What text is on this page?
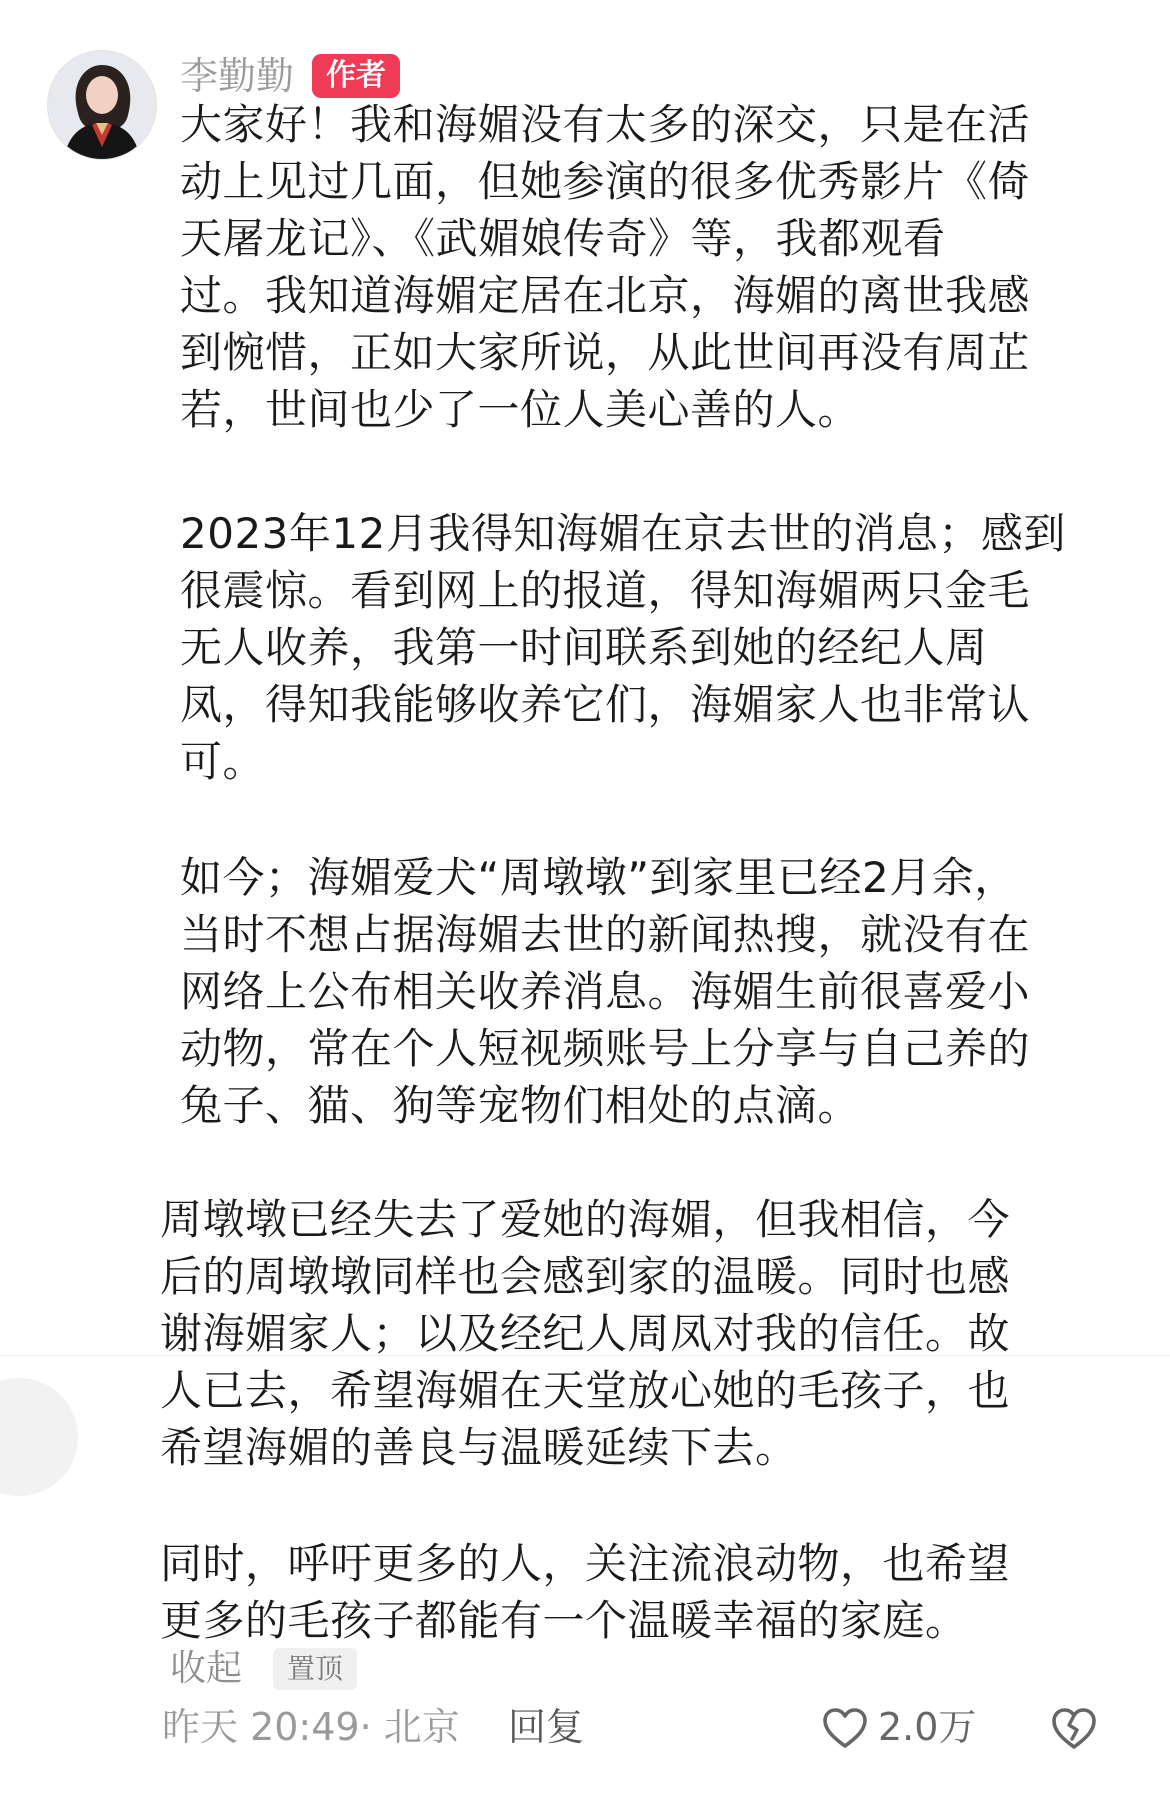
李勤勤	作者

大家好！我和海媚没有太多的深交，只是在活
动上见过几面，但她参演的很多优秀影片《倚
天屠龙记》、《武媚娘传奇》等，我都观看
过。我知道海媚定居在北京，海媚的离世我感
到惋惜，正如大家所说，从此世间再没有周芷
若，世间也少了一位人美心善的人。

2023年12月我得知海媚在京去世的消息；感到
很震惊。看到网上的报道，得知海媚两只金毛
无人收养，我第一时间联系到她的经纪人周
凤，得知我能够收养它们，海媚家人也非常认
可。

如今；海媚爱犬“周墩墩”到家里已经2月余，
当时不想占据海媚去世的新闻热搜，就没有在
网络上公布相关收养消息。海媚生前很喜爱小
动物，常在个人短视频账号上分享与自己养的
兔子、猫、狗等宠物们相处的点滴。

周墩墩已经失去了爱她的海媚，但我相信，今
后的周墩墩同样也会感到家的温暖。同时也感
谢海媚家人；以及经纪人周凤对我的信任。故
人已去，希望海媚在天堂放心她的毛孩子，也
希望海媚的善良与温暖延续下去。

同时，呼吁更多的人，关注流浪动物，也希望
更多的毛孩子都能有一个温暖幸福的家庭。

收起	置顶
昨天 20:49· 北京 回复	2.0万
